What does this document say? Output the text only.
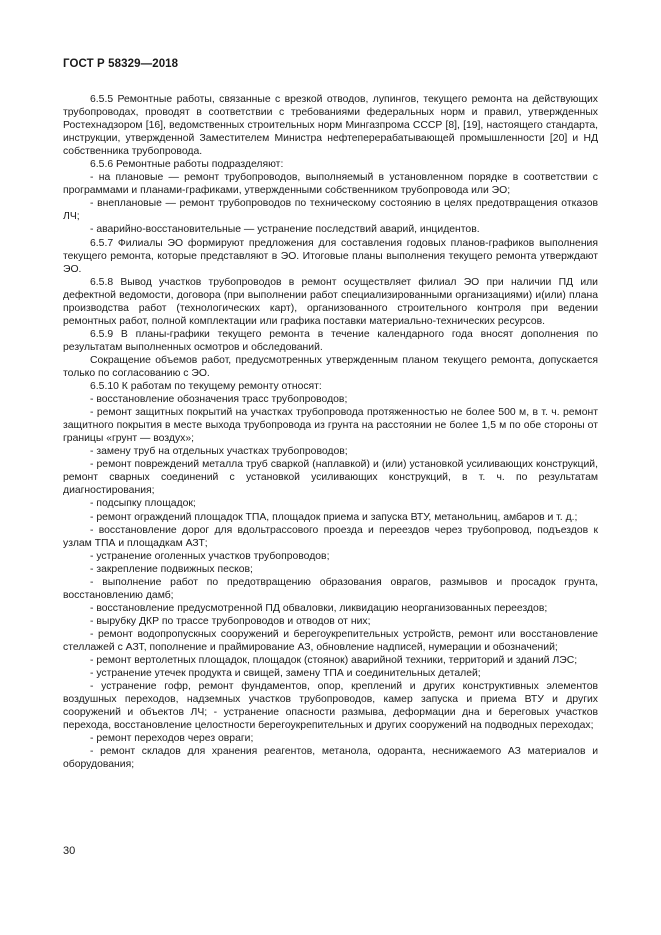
ГОСТ Р 58329—2018

6.5.5 Ремонтные работы, связанные с врезкой отводов, лупингов, текущего ремонта на действующих трубопроводах, проводят в соответствии с требованиями федеральных норм и правил, утвержденных Ростехнадзором [16], ведомственных строительных норм Мингазпрома СССР [8], [19], настоящего стандарта, инструкции, утвержденной Заместителем Министра нефтеперерабатывающей промышленности [20] и НД собственника трубопровода.

6.5.6 Ремонтные работы подразделяют:

- на плановые — ремонт трубопроводов, выполняемый в установленном порядке в соответствии с программами и планами-графиками, утвержденными собственником трубопровода или ЭО;

- внеплановые — ремонт трубопроводов по техническому состоянию в целях предотвращения отказов ЛЧ;

- аварийно-восстановительные — устранение последствий аварий, инцидентов.

6.5.7 Филиалы ЭО формируют предложения для составления годовых планов-графиков выполнения текущего ремонта, которые представляют в ЭО. Итоговые планы выполнения текущего ремонта утверждают ЭО.

6.5.8 Вывод участков трубопроводов в ремонт осуществляет филиал ЭО при наличии ПД или дефектной ведомости, договора (при выполнении работ специализированными организациями) и(или) плана производства работ (технологических карт), организованного строительного контроля при ведении ремонтных работ, полной комплектации или графика поставки материально-технических ресурсов.

6.5.9 В планы-графики текущего ремонта в течение календарного года вносят дополнения по результатам выполненных осмотров и обследований.

Сокращение объемов работ, предусмотренных утвержденным планом текущего ремонта, допускается только по согласованию с ЭО.

6.5.10 К работам по текущему ремонту относят:

- восстановление обозначения трасс трубопроводов;

- ремонт защитных покрытий на участках трубопровода протяженностью не более 500 м, в т. ч. ремонт защитного покрытия в месте выхода трубопровода из грунта на расстоянии не более 1,5 м по обе стороны от границы «грунт — воздух»;

- замену труб на отдельных участках трубопроводов;

- ремонт повреждений металла труб сваркой (наплавкой) и (или) установкой усиливающих конструкций, ремонт сварных соединений с установкой усиливающих конструкций, в т. ч. по результатам диагностирования;

- подсыпку площадок;

- ремонт ограждений площадок ТПА, площадок приема и запуска ВТУ, метанольниц, амбаров и т. д.;

- восстановление дорог для вдольтрассового проезда и переездов через трубопровод, подъездов к узлам ТПА и площадкам АЗТ;

- устранение оголенных участков трубопроводов;

- закрепление подвижных песков;

- выполнение работ по предотвращению образования оврагов, размывов и просадок грунта, восстановлению дамб;

- восстановление предусмотренной ПД обваловки, ликвидацию неорганизованных переездов;

- вырубку ДКР по трассе трубопроводов и отводов от них;

- ремонт водопропускных сооружений и берегоукрепительных устройств, ремонт или восстановление стеллажей с АЗТ, пополнение и праймирование АЗ, обновление надписей, нумерации и обозначений;

- ремонт вертолетных площадок, площадок (стоянок) аварийной техники, территорий и зданий ЛЭС;

- устранение утечек продукта и свищей, замену ТПА и соединительных деталей;

- устранение гофр, ремонт фундаментов, опор, креплений и других конструктивных элементов воздушных переходов, надземных участков трубопроводов, камер запуска и приема ВТУ и других сооружений и объектов ЛЧ; - устранение опасности размыва, деформации дна и береговых участков перехода, восстановление целостности берегоукрепительных и других сооружений на подводных переходах;

- ремонт переходов через овраги;

- ремонт складов для хранения реагентов, метанола, одоранта, неснижаемого АЗ материалов и оборудования;

30
